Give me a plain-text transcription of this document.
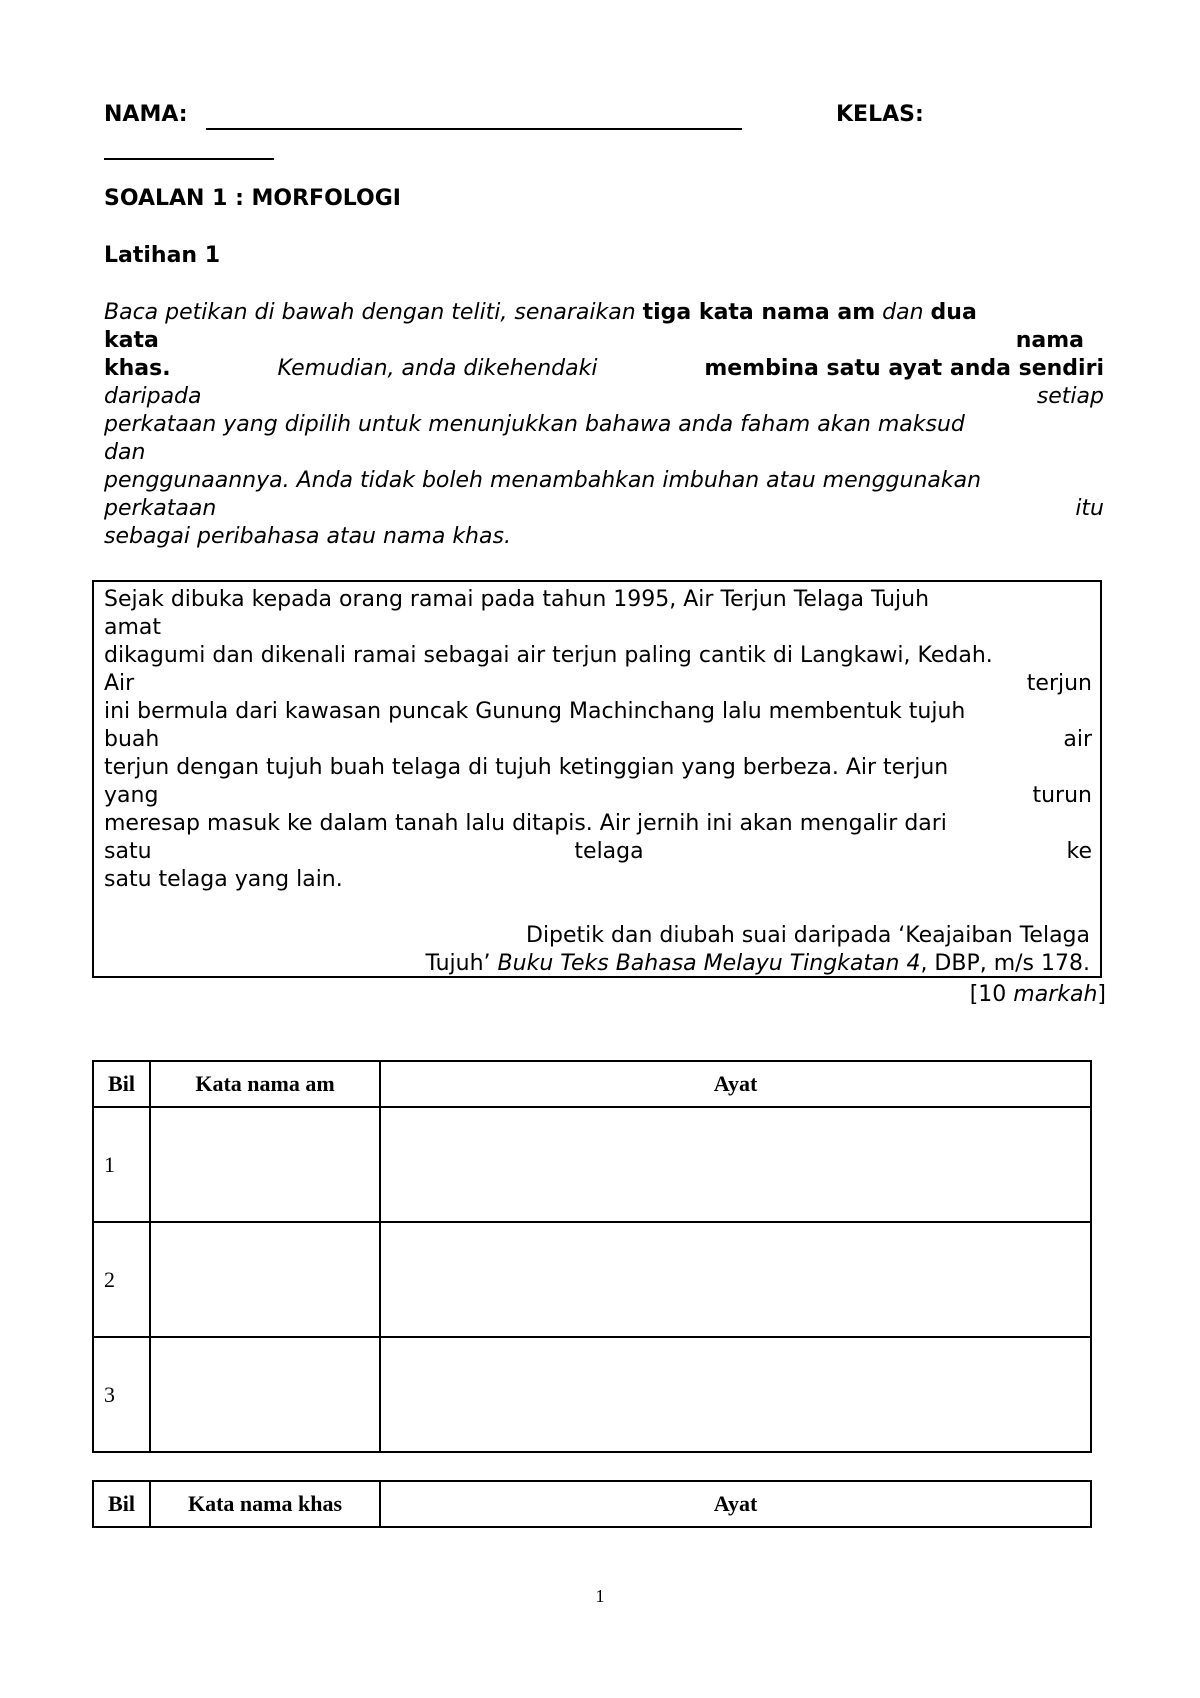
NAMA:	KELAS:
SOALAN 1 : MORFOLOGI
Latihan 1
Baca petikan di bawah dengan teliti, senaraikan tiga kata nama am dan dua
kata	nama
khas.	Kemudian, anda dikehendaki	membina satu ayat anda sendiri
daripada	setiap
perkataan yang dipilih untuk menunjukkan bahawa anda faham akan maksud
dan
penggunaannya. Anda tidak boleh menambahkan imbuhan atau menggunakan
perkataan	itu
sebagai peribahasa atau nama khas.
Sejak dibuka kepada orang ramai pada tahun 1995, Air Terjun Telaga Tujuh
amat
dikagumi dan dikenali ramai sebagai air terjun paling cantik di Langkawi, Kedah.
Air	terjun
ini bermula dari kawasan puncak Gunung Machinchang lalu membentuk tujuh
buah	air
terjun dengan tujuh buah telaga di tujuh ketinggian yang berbeza. Air terjun
yang	turun
meresap masuk ke dalam tanah lalu ditapis. Air jernih ini akan mengalir dari
satu	telaga	ke
satu telaga yang lain.
Dipetik dan diubah suai daripada ‘Keajaiban Telaga
Tujuh’ Buku Teks Bahasa Melayu Tingkatan 4, DBP, m/s 178.
[10 markah]
Bil	Kata nama am	Ayat
1		
2		
3		
Bil	Kata nama khas	Ayat
1
